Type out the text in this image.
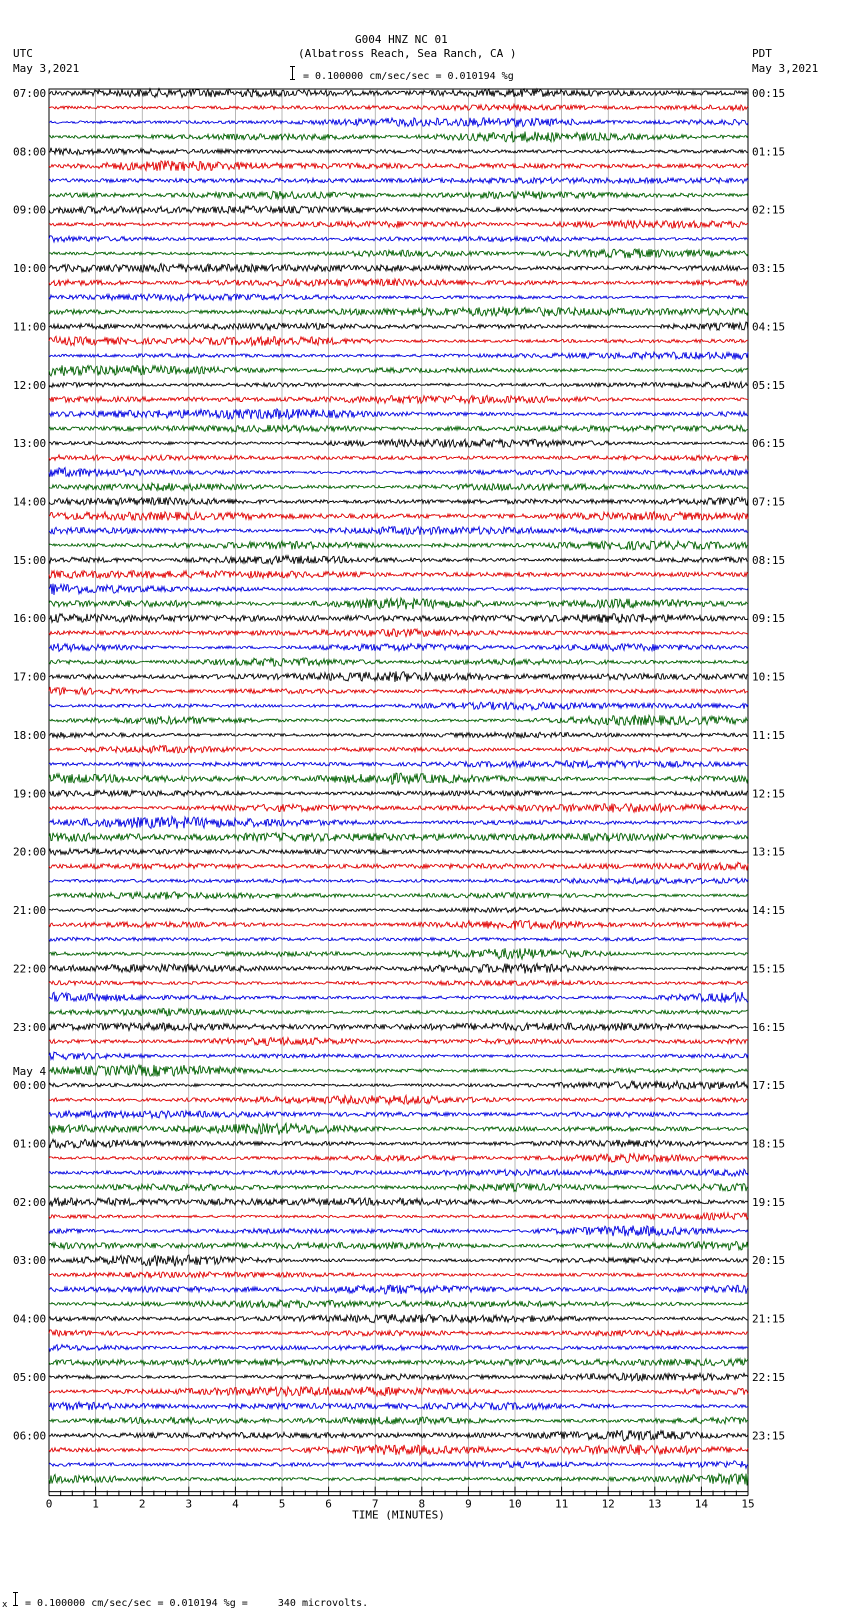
G004 HNZ NC 01
(Albatross Reach, Sea Ranch, CA )
UTC
May 3,2021
PDT
May 3,2021
= 0.100000 cm/sec/sec = 0.010194 %g
07:00
08:00
09:00
10:00
11:00
12:00
13:00
14:00
15:00
16:00
17:00
18:00
19:00
20:00
21:00
22:00
23:00
00:00
01:00
02:00
03:00
04:00
05:00
06:00
00:15
01:15
02:15
03:15
04:15
05:15
06:15
07:15
08:15
09:15
10:15
11:15
12:15
13:15
14:15
15:15
16:15
17:15
18:15
19:15
20:15
21:15
22:15
23:15
May 4
0	1	2	3	4	5	6	7	8	9	10	11	12	13	14	15
TIME (MINUTES)
x = 0.100000 cm/sec/sec = 0.010194 %g =     340 microvolts.
